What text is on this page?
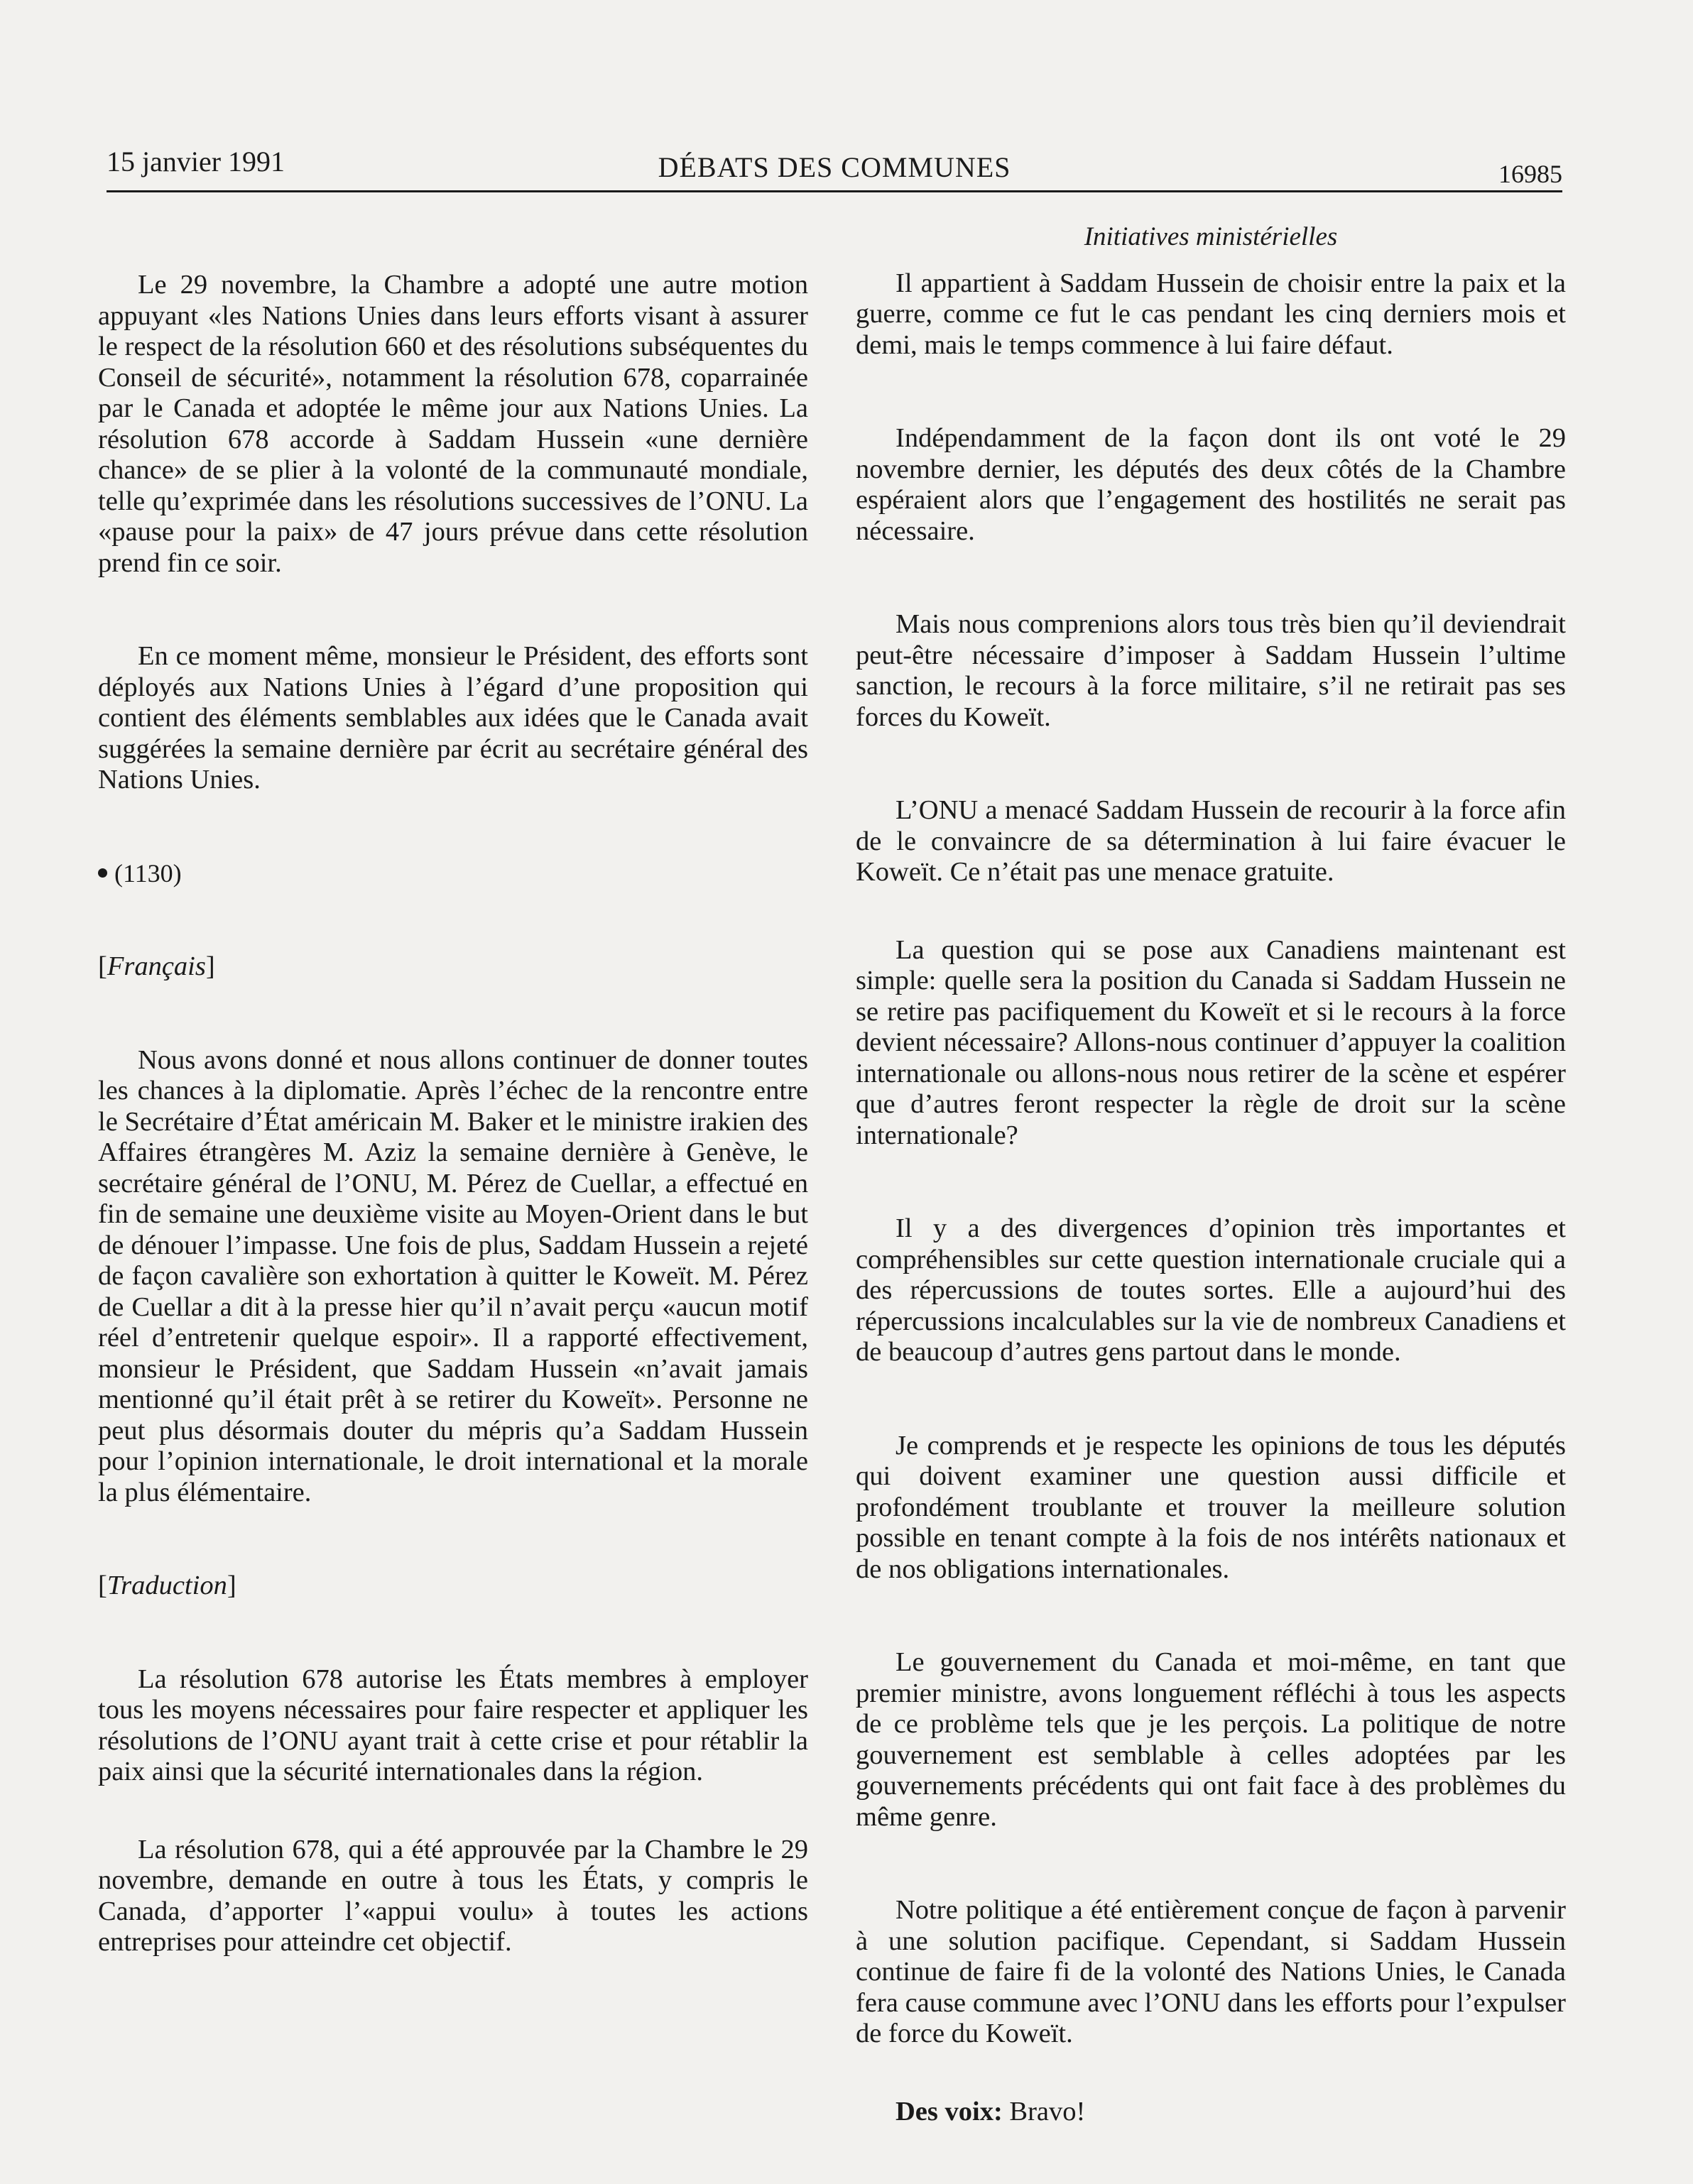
15 janvier 1991	DÉBATS DES COMMUNES	16985

Le 29 novembre, la Chambre a adopté une autre motion appuyant «les Nations Unies dans leurs efforts visant à assurer le respect de la résolution 660 et des résolutions subséquentes du Conseil de sécurité», notamment la résolution 678, coparrainée par le Canada et adoptée le même jour aux Nations Unies. La résolution 678 accorde à Saddam Hussein «une dernière chance» de se plier à la volonté de la communauté mondiale, telle qu’exprimée dans les résolutions successives de l’ONU. La «pause pour la paix» de 47 jours prévue dans cette résolution prend fin ce soir.

En ce moment même, monsieur le Président, des efforts sont déployés aux Nations Unies à l’égard d’une proposition qui contient des éléments semblables aux idées que le Canada avait suggérées la semaine dernière par écrit au secrétaire général des Nations Unies.

(1130)

[Français]

Nous avons donné et nous allons continuer de donner toutes les chances à la diplomatie. Après l’échec de la rencontre entre le Secrétaire d’État américain M. Baker et le ministre irakien des Affaires étrangères M. Aziz la semaine dernière à Genève, le secrétaire général de l’ONU, M. Pérez de Cuellar, a effectué en fin de semaine une deuxième visite au Moyen-Orient dans le but de dénouer l’impasse. Une fois de plus, Saddam Hussein a rejeté de façon cavalière son exhortation à quitter le Koweït. M. Pérez de Cuellar a dit à la presse hier qu’il n’avait perçu «aucun motif réel d’entretenir quelque espoir». Il a rapporté effectivement, monsieur le Président, que Saddam Hussein «n’avait jamais mentionné qu’il était prêt à se retirer du Koweït». Personne ne peut plus désormais douter du mépris qu’a Saddam Hussein pour l’opinion internationale, le droit international et la morale la plus élémentaire.

[Traduction]

La résolution 678 autorise les États membres à employer tous les moyens nécessaires pour faire respecter et appliquer les résolutions de l’ONU ayant trait à cette crise et pour rétablir la paix ainsi que la sécurité internationales dans la région.

La résolution 678, qui a été approuvée par la Chambre le 29 novembre, demande en outre à tous les États, y compris le Canada, d’apporter l’«appui voulu» à toutes les actions entreprises pour atteindre cet objectif.

Initiatives ministérielles

Il appartient à Saddam Hussein de choisir entre la paix et la guerre, comme ce fut le cas pendant les cinq derniers mois et demi, mais le temps commence à lui faire défaut.

Indépendamment de la façon dont ils ont voté le 29 novembre dernier, les députés des deux côtés de la Chambre espéraient alors que l’engagement des hostilités ne serait pas nécessaire.

Mais nous comprenions alors tous très bien qu’il deviendrait peut-être nécessaire d’imposer à Saddam Hussein l’ultime sanction, le recours à la force militaire, s’il ne retirait pas ses forces du Koweït.

L’ONU a menacé Saddam Hussein de recourir à la force afin de le convaincre de sa détermination à lui faire évacuer le Koweït. Ce n’était pas une menace gratuite.

La question qui se pose aux Canadiens maintenant est simple: quelle sera la position du Canada si Saddam Hussein ne se retire pas pacifiquement du Koweït et si le recours à la force devient nécessaire? Allons-nous continuer d’appuyer la coalition internationale ou allons-nous nous retirer de la scène et espérer que d’autres feront respecter la règle de droit sur la scène internationale?

Il y a des divergences d’opinion très importantes et compréhensibles sur cette question internationale cruciale qui a des répercussions de toutes sortes. Elle a aujourd’hui des répercussions incalculables sur la vie de nombreux Canadiens et de beaucoup d’autres gens partout dans le monde.

Je comprends et je respecte les opinions de tous les députés qui doivent examiner une question aussi difficile et profondément troublante et trouver la meilleure solution possible en tenant compte à la fois de nos intérêts nationaux et de nos obligations internationales.

Le gouvernement du Canada et moi-même, en tant que premier ministre, avons longuement réfléchi à tous les aspects de ce problème tels que je les perçois. La politique de notre gouvernement est semblable à celles adoptées par les gouvernements précédents qui ont fait face à des problèmes du même genre.

Notre politique a été entièrement conçue de façon à parvenir à une solution pacifique. Cependant, si Saddam Hussein continue de faire fi de la volonté des Nations Unies, le Canada fera cause commune avec l’ONU dans les efforts pour l’expulser de force du Koweït.

Des voix: Bravo!
